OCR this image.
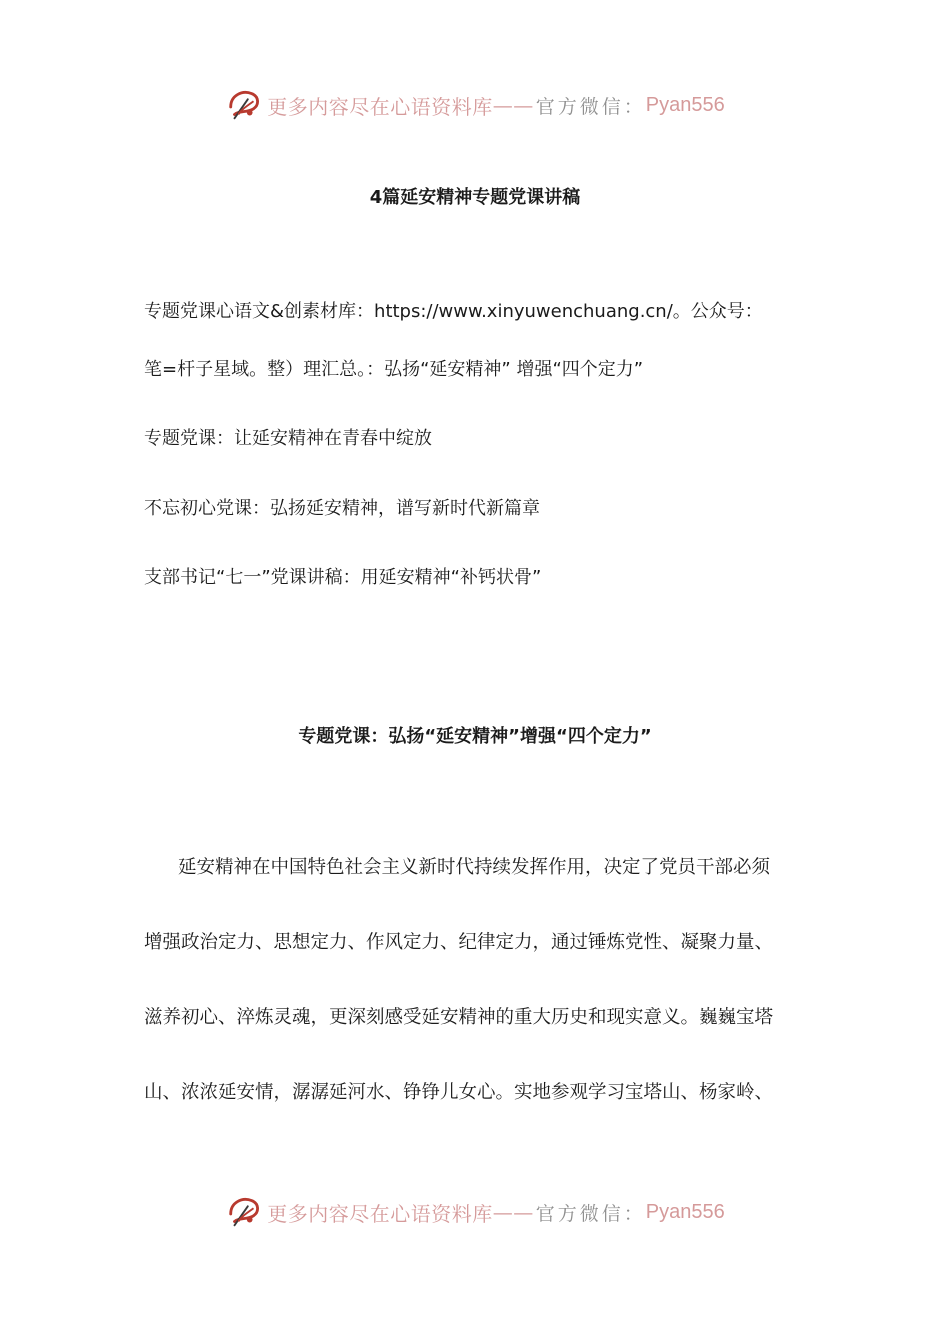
更多内容尽在心语资料库 —— 官方微信： Pyan556
4篇延安精神专题党课讲稿
专题党课心语文&创素材库：https://www.xinyuwenchuang.cn/。公众号：
笔=杆子星域。整）理汇总。：弘扬“延安精神” 增强“四个定力”
专题党课：让延安精神在青春中绽放
不忘初心党课：弘扬延安精神，谱写新时代新篇章
支部书记“七一”党课讲稿：用延安精神“补钙状骨”
专题党课：弘扬“延安精神”增强“四个定力”
延安精神在中国特色社会主义新时代持续发挥作用，决定了党员干部必须
增强政治定力、思想定力、作风定力、纪律定力，通过锤炼党性、凝聚力量、
滋养初心、淬炼灵魂，更深刻感受延安精神的重大历史和现实意义。巍巍宝塔
山、浓浓延安情，潺潺延河水、铮铮儿女心。实地参观学习宝塔山、杨家岭、
更多内容尽在心语资料库 —— 官方微信： Pyan556
